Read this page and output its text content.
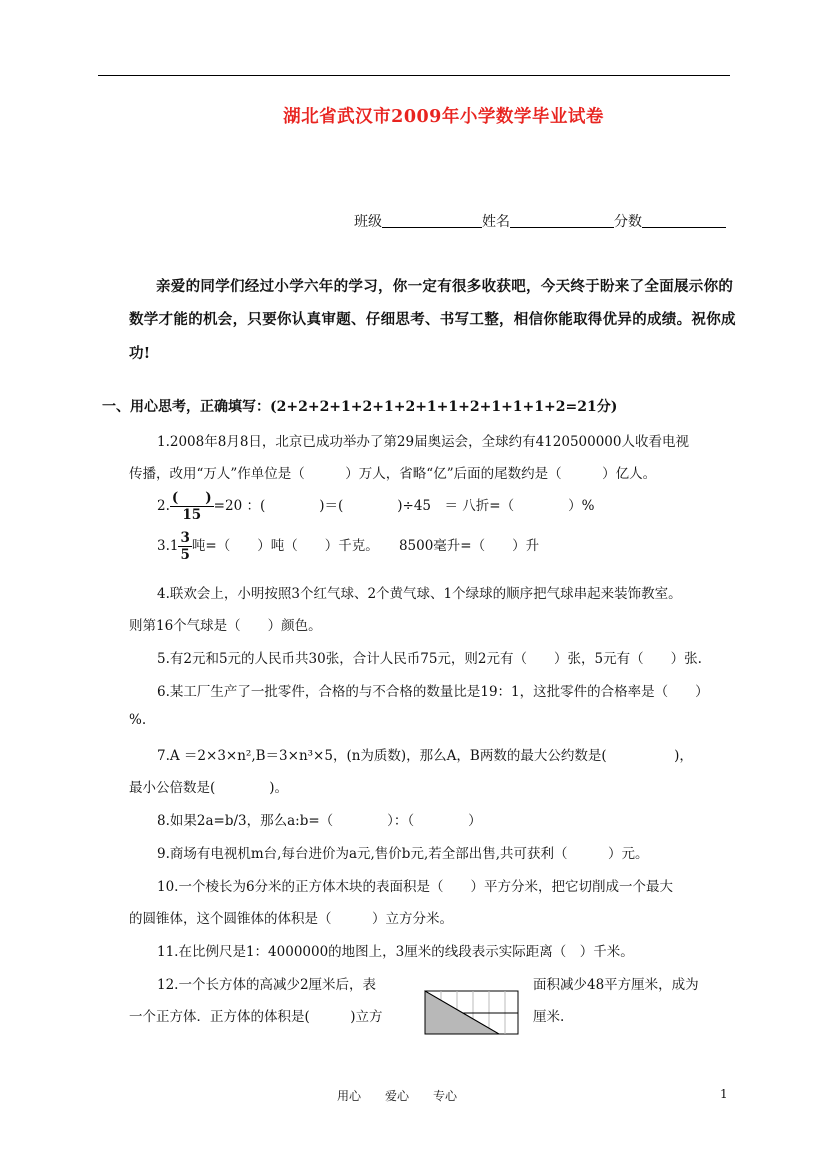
湖北省武汉市2009年小学数学毕业试卷
班级	姓名	分数
亲爱的同学们经过小学六年的学习，你一定有很多收获吧，今天终于盼来了全面展示你的
数学才能的机会，只要你认真审题、仔细思考、书写工整，相信你能取得优异的成绩。祝你成
功!
一、用心思考，正确填写：(2+2+2+1+2+1+2+1+1+2+1+1+1+2=21分)
1.2008年8月8日，北京已成功举办了第29届奥运会，全球约有4120500000人收看电视
传播，改用“万人”作单位是（　　　）万人，省略“亿”后面的尾数约是（　　　）亿人。
2. $\frac{( )}{15} =20$ ：(　　　　)＝(　　　　)÷45　＝ 八折=（　　　　）%
$3.1 \frac{3}{5}$ 吨=（　　）吨（　　）千克。　　8500毫升=（　　）升
4.联欢会上，小明按照3个红气球、2个黄气球、1个绿球的顺序把气球串起来装饰教室。
则第16个气球是（　　）颜色。
5.有2元和5元的人民币共30张，合计人民币75元，则2元有（　　）张，5元有（　　）张.
6.某工厂生产了一批零件，合格的与不合格的数量比是19：1，这批零件的合格率是（　　）
%.
7.A ＝2×3×n²,B＝3×n³×5，(n为质数)，那么A，B两数的最大公约数是(　　　　　)，
最小公倍数是(　　　　)。
8.如果2a=b/3，那么a:b=（　　　　）：（　　　　）
9.商场有电视机m台,每台进价为a元,售价b元,若全部出售,共可获利（　　　）元。
10.一个棱长为6分米的正方体木块的表面积是（　　）平方分米，把它切削成一个最大
的圆锥体，这个圆锥体的体积是（　　　）立方分米。
11.在比例尺是1：4000000的地图上，3厘米的线段表示实际距离（　）千米。
12.一个长方体的高减少2厘米后，表	面积减少48平方厘米，成为
一个正方体．正方体的体积是(　　　)立方	厘米.
用心　　爱心　　专心	1
